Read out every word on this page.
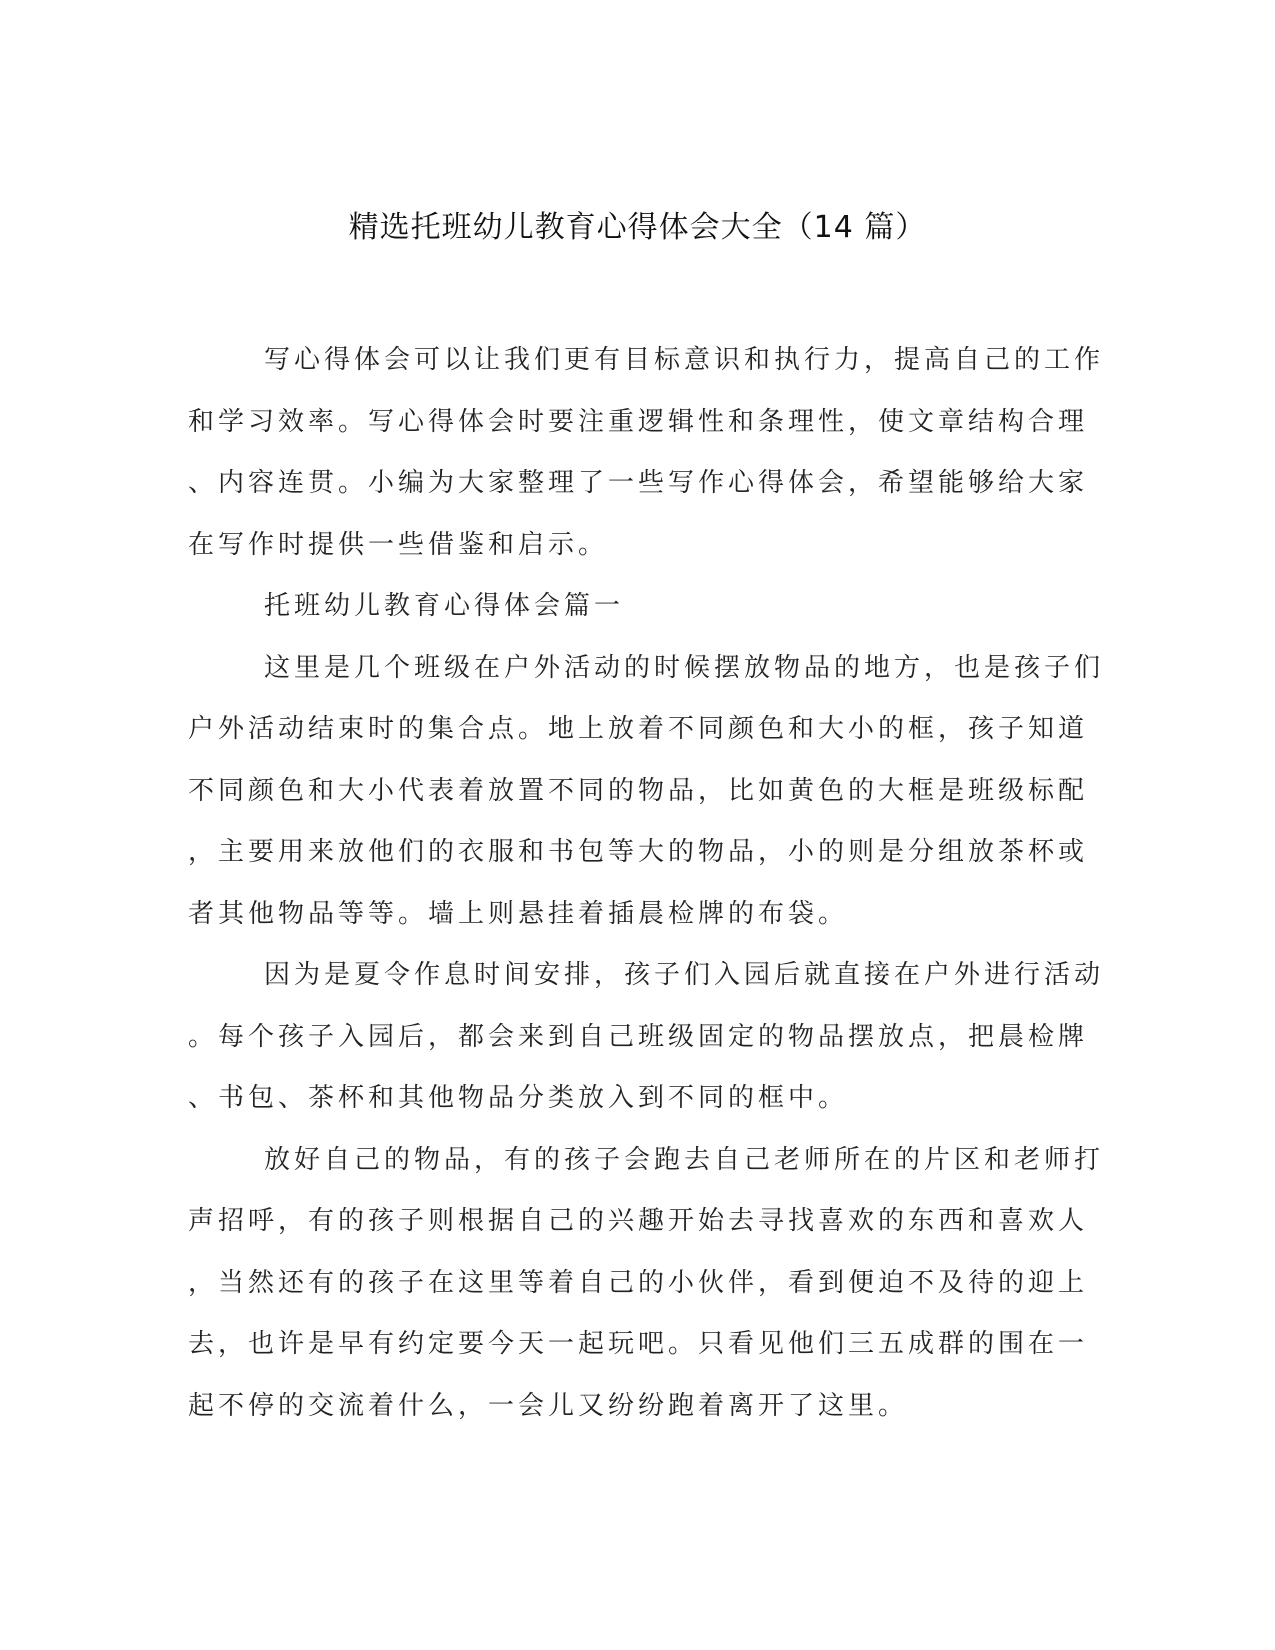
精选托班幼儿教育心得体会大全（14 篇）
写心得体会可以让我们更有目标意识和执行力，提高自己的工作
和学习效率。写心得体会时要注重逻辑性和条理性，使文章结构合理
、内容连贯。小编为大家整理了一些写作心得体会，希望能够给大家
在写作时提供一些借鉴和启示。
托班幼儿教育心得体会篇一
这里是几个班级在户外活动的时候摆放物品的地方，也是孩子们
户外活动结束时的集合点。地上放着不同颜色和大小的框，孩子知道
不同颜色和大小代表着放置不同的物品，比如黄色的大框是班级标配
，主要用来放他们的衣服和书包等大的物品，小的则是分组放茶杯或
者其他物品等等。墙上则悬挂着插晨检牌的布袋。
因为是夏令作息时间安排，孩子们入园后就直接在户外进行活动
。每个孩子入园后，都会来到自己班级固定的物品摆放点，把晨检牌
、书包、茶杯和其他物品分类放入到不同的框中。
放好自己的物品，有的孩子会跑去自己老师所在的片区和老师打
声招呼，有的孩子则根据自己的兴趣开始去寻找喜欢的东西和喜欢人
，当然还有的孩子在这里等着自己的小伙伴，看到便迫不及待的迎上
去，也许是早有约定要今天一起玩吧。只看见他们三五成群的围在一
起不停的交流着什么，一会儿又纷纷跑着离开了这里。
